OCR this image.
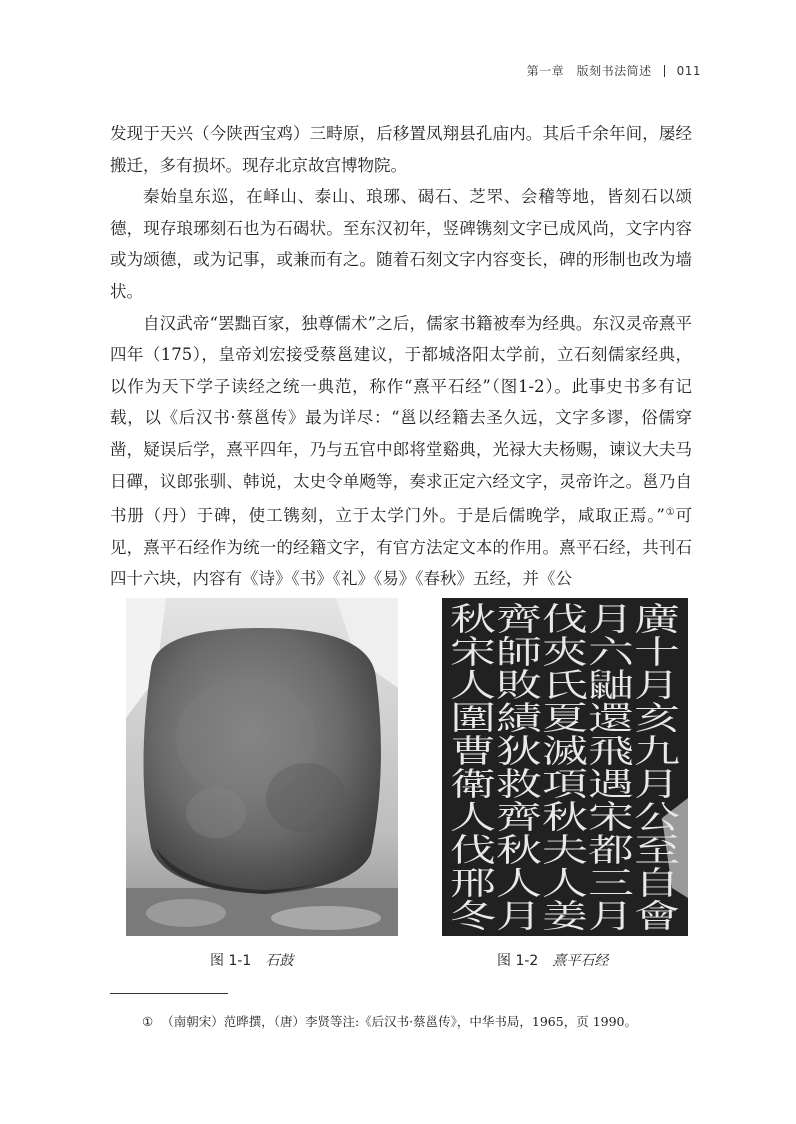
第一章　版刻书法简述 011

发现于天兴（今陕西宝鸡）三畤原，后移置凤翔县孔庙内。其后千余年间，屡经搬迁，多有损坏。现存北京故宫博物院。

秦始皇东巡，在峄山、泰山、琅琊、碣石、芝罘、会稽等地，皆刻石以颂德，现存琅琊刻石也为石碣状。至东汉初年，竖碑镌刻文字已成风尚，文字内容或为颂德，或为记事，或兼而有之。随着石刻文字内容变长，碑的形制也改为墙状。

自汉武帝“罢黜百家，独尊儒术”之后，儒家书籍被奉为经典。东汉灵帝熹平四年（175），皇帝刘宏接受蔡邕建议，于都城洛阳太学前，立石刻儒家经典，以作为天下学子读经之统一典范，称作“熹平石经”（图1-2）。此事史书多有记载，以《后汉书·蔡邕传》最为详尽：“邕以经籍去圣久远，文字多谬，俗儒穿凿，疑误后学，熹平四年，乃与五官中郎将堂谿典，光禄大夫杨赐，谏议大夫马日磾，议郎张驯、韩说，太史令单飏等，奏求正定六经文字，灵帝许之。邕乃自书册（丹）于碑，使工镌刻，立于太学门外。于是后儒晚学，咸取正焉。”①可见，熹平石经作为统一的经籍文字，有官方法定文本的作用。熹平石经，共刊石四十六块，内容有《诗》《书》《礼》《易》《春秋》五经，并《公

秋齊伐月廣
宋師夾六十
人敗氏鼬月
圍績夏還亥
曹狄滅飛九
衛救項遇月
人齊秋宋公
伐秋夫都至
邢人人三自
冬月姜月會
图 1-1 石鼓	图 1-2 熹平石经
① （南朝宋）范晔撰，（唐）李贤等注:《后汉书·蔡邕传》，中华书局，1965，页 1990。
